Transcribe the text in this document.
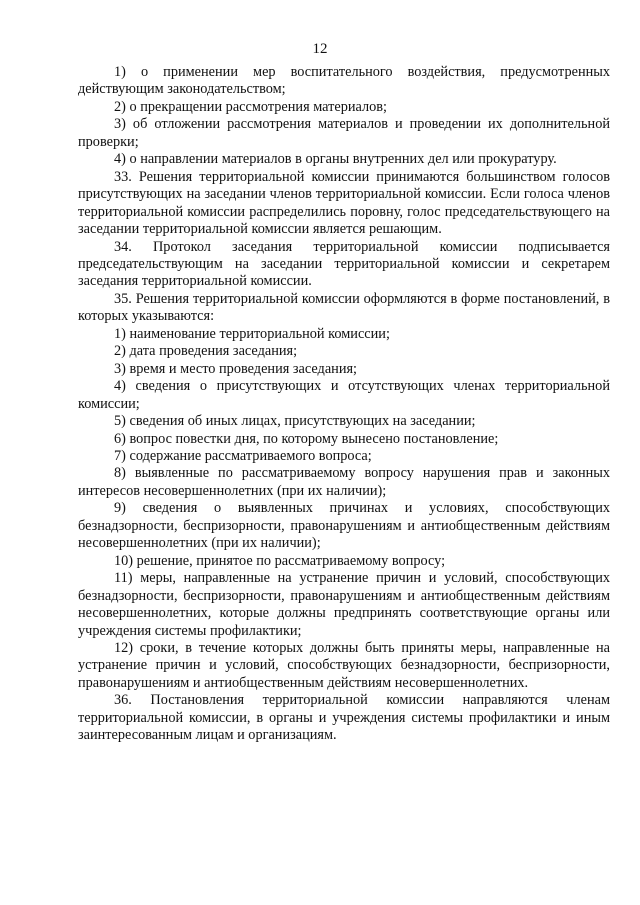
12

1) о применении мер воспитательного воздействия, предусмотренных действующим законодательством;

2) о прекращении рассмотрения материалов;

3) об отложении рассмотрения материалов и проведении их дополнительной проверки;

4) о направлении материалов в органы внутренних дел или прокуратуру.

33. Решения территориальной комиссии принимаются большинством голосов присутствующих на заседании членов территориальной комиссии. Если голоса членов территориальной комиссии распределились поровну, голос председательствующего на заседании территориальной комиссии является решающим.

34. Протокол заседания территориальной комиссии подписывается председательствующим на заседании территориальной комиссии и секретарем заседания территориальной комиссии.

35. Решения территориальной комиссии оформляются в форме постановлений, в которых указываются:

1) наименование территориальной комиссии;

2) дата проведения заседания;

3) время и место проведения заседания;

4) сведения о присутствующих и отсутствующих членах территориальной комиссии;

5) сведения об иных лицах, присутствующих на заседании;

6) вопрос повестки дня, по которому вынесено постановление;

7) содержание рассматриваемого вопроса;

8) выявленные по рассматриваемому вопросу нарушения прав и законных интересов несовершеннолетних (при их наличии);

9) сведения о выявленных причинах и условиях, способствующих безнадзорности, беспризорности, правонарушениям и антиобщественным действиям несовершеннолетних (при их наличии);

10) решение, принятое по рассматриваемому вопросу;

11) меры, направленные на устранение причин и условий, способствующих безнадзорности, беспризорности, правонарушениям и антиобщественным действиям несовершеннолетних, которые должны предпринять соответствующие органы или учреждения системы профилактики;

12) сроки, в течение которых должны быть приняты меры, направленные на устранение причин и условий, способствующих безнадзорности, беспризорности, правонарушениям и антиобщественным действиям несовершеннолетних.

36. Постановления территориальной комиссии направляются членам территориальной комиссии, в органы и учреждения системы профилактики и иным заинтересованным лицам и организациям.
